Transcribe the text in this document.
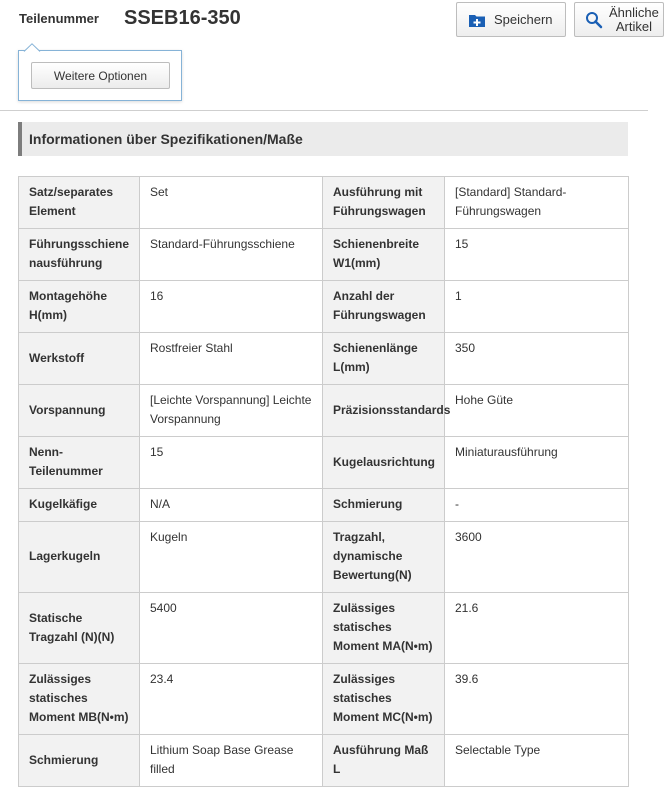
Teilenummer SSEB16-350	Speichern	Ähnliche Artikel
Weitere Optionen
Informationen über Spezifikationen/Maße
Satz/separates Element	Set	Ausführung mit Führungswagen	[Standard] Standard-Führungswagen
Führungsschiene nausführung	Standard-Führungsschiene	Schienenbreite W1(mm)	15
Montagehöhe H(mm)	16	Anzahl der Führungswagen	1
Werkstoff	Rostfreier Stahl	Schienenlänge L(mm)	350
Vorspannung	[Leichte Vorspannung] Leichte Vorspannung	Präzisionsstandards	Hohe Güte
Nenn-Teilenummer	15	Kugelausrichtung	Miniaturausführung
Kugelkäfige	N/A	Schmierung	-
Lagerkugeln	Kugeln	Tragzahl, dynamische Bewertung(N)	3600
Statische Tragzahl (N)(N)	5400	Zulässiges statisches Moment MA(N•m)	21.6
Zulässiges statisches Moment MB(N•m)	23.4	Zulässiges statisches Moment MC(N•m)	39.6
Schmierung	Lithium Soap Base Grease filled	Ausführung Maß L	Selectable Type
